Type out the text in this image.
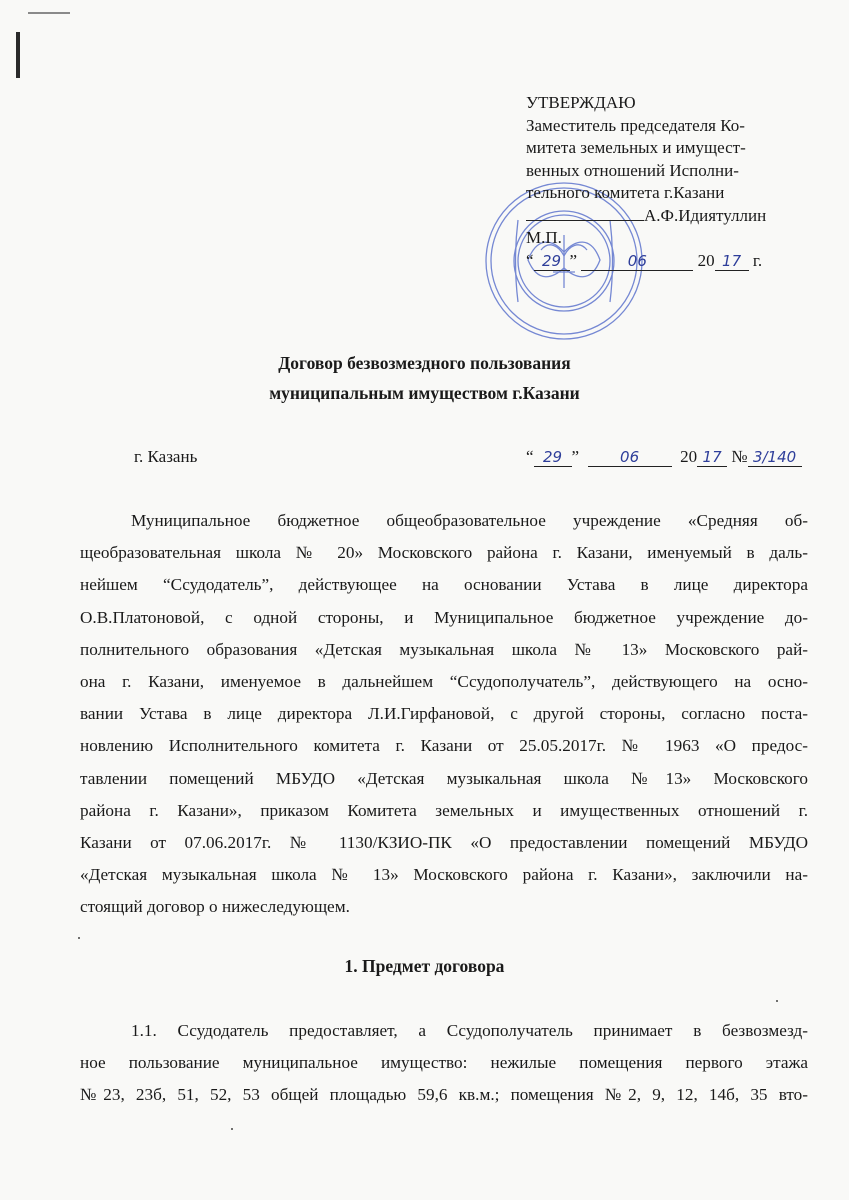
УТВЕРЖДАЮ
Заместитель председателя Ко-
митета земельных и имущест-
венных отношений Исполни-
тельного комитета г.Казани
А.Ф.Идиятуллин
М.П.
“ 29 ”	06	20 17 г.
Договор безвозмездного пользования
муниципальным имуществом г.Казани
г. Казань	“ 29 ”	06 20 17 № 3/140
Муниципальное бюджетное общеобразовательное учреждение «Средняя об-
щеобразовательная школа № 20» Московского района г. Казани, именуемый в даль-
нейшем “Ссудодатель”, действующее на основании Устава в лице директора
О.В.Платоновой, с одной стороны, и Муниципальное бюджетное учреждение до-
полнительного образования «Детская музыкальная школа № 13» Московского рай-
она г. Казани, именуемое в дальнейшем “Ссудополучатель”, действующего на осно-
вании Устава в лице директора Л.И.Гирфановой, с другой стороны, согласно поста-
новлению Исполнительного комитета г. Казани от 25.05.2017г. № 1963 «О предос-
тавлении помещений МБУДО «Детская музыкальная школа №13» Московского
района г. Казани», приказом Комитета земельных и имущественных отношений г.
Казани от 07.06.2017г. № 1130/КЗИО-ПК «О предоставлении помещений МБУДО
«Детская музыкальная школа № 13» Московского района г. Казани», заключили на-
стоящий договор о нижеследующем.
1. Предмет договора
1.1. Ссудодатель предоставляет, а Ссудополучатель принимает в безвозмезд-
ное пользование муниципальное имущество: нежилые помещения первого этажа
№23, 23б, 51, 52, 53 общей площадью 59,6 кв.м.; помещения №2, 9, 12, 14б, 35 вто-
